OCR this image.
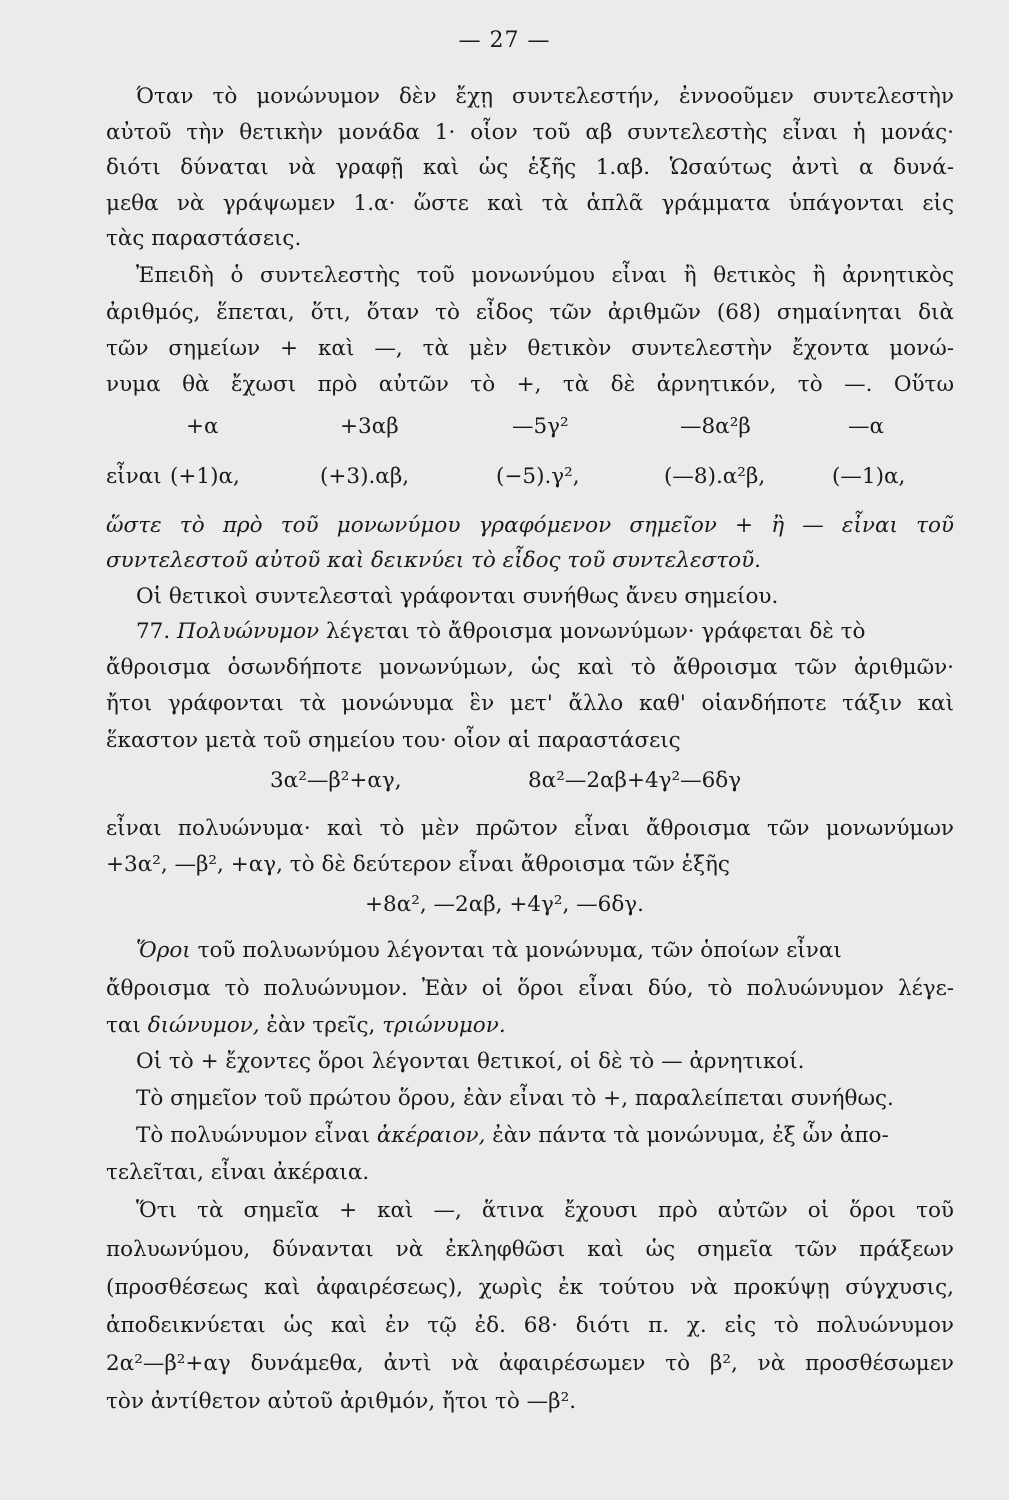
— 27 —
Όταν τὸ μονώνυμον δὲν ἔχῃ συντελεστήν, ἐννοοῦμεν συντελεστὴν
αὐτοῦ τὴν θετικὴν μονάδα 1· οἷον τοῦ αβ συντελεστὴς εἶναι ἡ μονάς·
διότι δύναται νὰ γραφῇ καὶ ὡς ἑξῆς 1.αβ. Ὡσαύτως ἀντὶ α δυνά-
μεθα νὰ γράψωμεν 1.α· ὥστε καὶ τὰ ἁπλᾶ γράμματα ὑπάγονται εἰς
τὰς παραστάσεις.
Ἐπειδὴ ὁ συντελεστὴς τοῦ μονωνύμου εἶναι ἢ θετικὸς ἢ ἀρνητικὸς
ἀριθμός, ἕπεται, ὅτι, ὅταν τὸ εἶδος τῶν ἀριθμῶν (68) σημαίνηται διὰ
τῶν σημείων + καὶ —, τὰ μὲν θετικὸν συντελεστὴν ἔχοντα μονώ-
νυμα θὰ ἔχωσι πρὸ αὐτῶν τὸ +, τὰ δὲ ἀρνητικόν, τὸ —. Οὕτω
+α	+3αβ	—5γ²	—8α²β	—α
εἶναι (+1)α,	(+3).αβ,	(−5).γ²,	(—8).α²β,	(—1)α,
ὥστε τὸ πρὸ τοῦ μονωνύμου γραφόμενον σημεῖον + ἢ — εἶναι τοῦ
συντελεστοῦ αὐτοῦ καὶ δεικνύει τὸ εἶδος τοῦ συντελεστοῦ.
Οἱ θετικοὶ συντελεσταὶ γράφονται συνήθως ἄνευ σημείου.
77. Πολυώνυμον λέγεται τὸ ἄθροισμα μονωνύμων· γράφεται δὲ τὸ
ἄθροισμα ὁσωνδήποτε μονωνύμων, ὡς καὶ τὸ ἄθροισμα τῶν ἀριθμῶν·
ἤτοι γράφονται τὰ μονώνυμα ἓν μετ' ἄλλο καθ' οἱανδήποτε τάξιν καὶ
ἕκαστον μετὰ τοῦ σημείου του· οἷον αἱ παραστάσεις
3α²—β²+αγ,	8α²—2αβ+4γ²—6δγ
εἶναι πολυώνυμα· καὶ τὸ μὲν πρῶτον εἶναι ἄθροισμα τῶν μονωνύμων
+3α², —β², +αγ, τὸ δὲ δεύτερον εἶναι ἄθροισμα τῶν ἑξῆς
+8α², —2αβ, +4γ², —6δγ.
Ὅροι τοῦ πολυωνύμου λέγονται τὰ μονώνυμα, τῶν ὁποίων εἶναι
ἄθροισμα τὸ πολυώνυμον. Ἐὰν οἱ ὅροι εἶναι δύο, τὸ πολυώνυμον λέγε-
ται διώνυμον, ἐὰν τρεῖς, τριώνυμον.
Οἱ τὸ + ἔχοντες ὅροι λέγονται θετικοί, οἱ δὲ τὸ — ἀρνητικοί.
Τὸ σημεῖον τοῦ πρώτου ὅρου, ἐὰν εἶναι τὸ +, παραλείπεται συνήθως.
Τὸ πολυώνυμον εἶναι ἀκέραιον, ἐὰν πάντα τὰ μονώνυμα, ἐξ ὧν ἀπο-
τελεῖται, εἶναι ἀκέραια.
Ὅτι τὰ σημεῖα + καὶ —, ἅτινα ἔχουσι πρὸ αὐτῶν οἱ ὅροι τοῦ
πολυωνύμου, δύνανται νὰ ἐκληφθῶσι καὶ ὡς σημεῖα τῶν πράξεων
(προσθέσεως καὶ ἀφαιρέσεως), χωρὶς ἐκ τούτου νὰ προκύψῃ σύγχυσις,
ἀποδεικνύεται ὡς καὶ ἐν τῷ ἐδ. 68· διότι π. χ. εἰς τὸ πολυώνυμον
2α²—β²+αγ δυνάμεθα, ἀντὶ νὰ ἀφαιρέσωμεν τὸ β², νὰ προσθέσωμεν
τὸν ἀντίθετον αὐτοῦ ἀριθμόν, ἤτοι τὸ —β².
